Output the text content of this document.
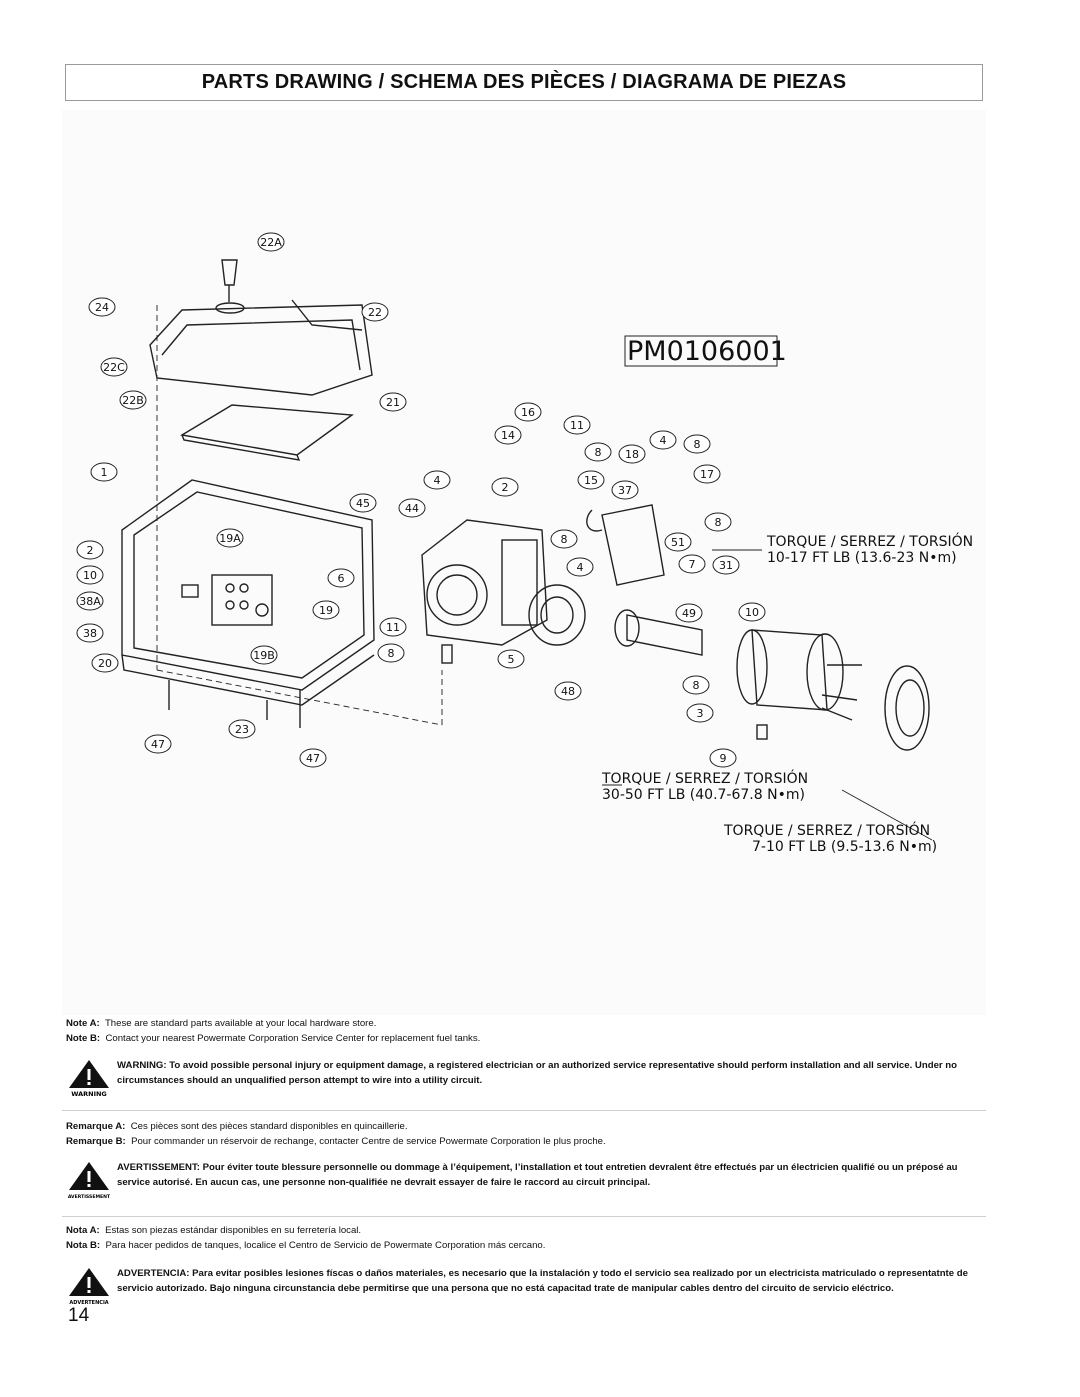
PARTS DRAWING / SCHEMA DES PIÈCES / DIAGRAMA DE PIEZAS
22A
24	22
22C
22B	21
1
2
10
38A
38
20
19A
6
19
19B
11
8
23
47
47
45	44
4
2
16
14
11
8 18
4 8
15
37
17
8
8	51
4	7 31
49	10
5
48	8
3
9
PM0106001
TORQUE / SERREZ / TORSIÓN
10-17 FT LB (13.6-23 N•m)
TORQUE / SERREZ / TORSIÓN
30-50 FT LB (40.7-67.8 N•m)
TORQUE / SERREZ / TORSIÓN
7-10 FT LB (9.5-13.6 N•m)
Note A: These are standard parts available at your local hardware store.
Note B: Contact your nearest Powermate Corporation Service Center for replacement fuel tanks.
WARNING
WARNING: To avoid possible personal injury or equipment damage, a registered electrician or an authorized service representative should perform installation and all service. Under no circumstances should an unqualified person attempt to wire into a utility circuit.
Remarque A: Ces pièces sont des pièces standard disponibles en quincaillerie.
Remarque B: Pour commander un réservoir de rechange, contacter Centre de service Powermate Corporation le plus proche.
AVERTISSEMENT
AVERTISSEMENT: Pour éviter toute blessure personnelle ou dommage à l’équipement, l’installation et tout entretien devralent être effectués par un électricien qualifié ou un préposé au service autorisé. En aucun cas, une personne non-qualifiée ne devrait essayer de faire le raccord au circuit principal.
Nota A: Estas son piezas estándar disponibles en su ferretería local.
Nota B: Para hacer pedidos de tanques, localice el Centro de Servicio de Powermate Corporation más cercano.
ADVERTENCIA
ADVERTENCIA: Para evitar posibles lesiones físcas o daños materiales, es necesario que la instalación y todo el servicio sea realizado por un electricista matriculado o representatnte de servicio autorizado. Bajo ninguna circunstancia debe permitirse que una persona que no está capacitad trate de manipular cables dentro del circuito de servicio eléctrico.
14
